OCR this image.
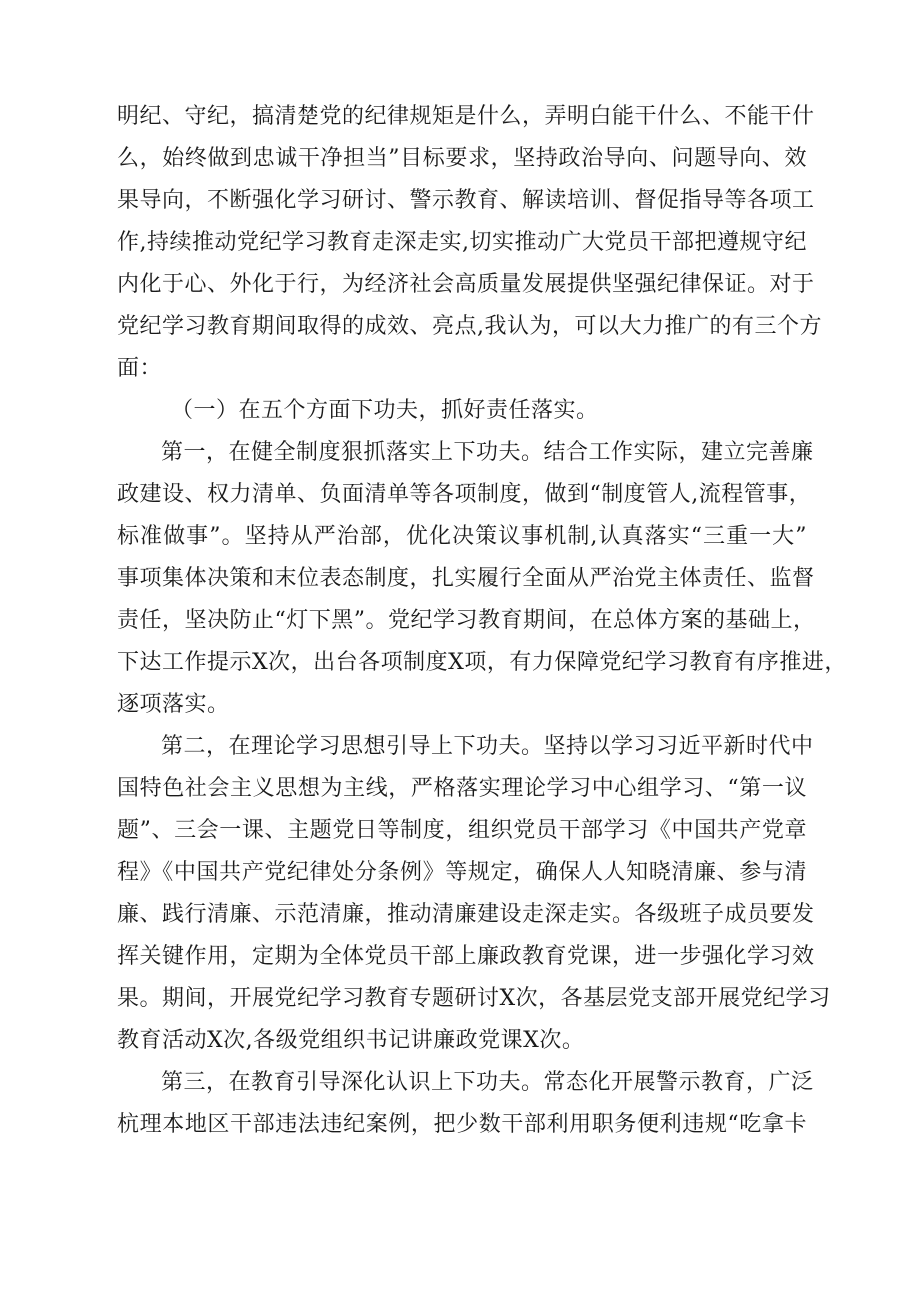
明纪、守纪，搞清楚党的纪律规矩是什么，弄明白能干什么、不能干什
么，始终做到忠诚干净担当”目标要求，坚持政治导向、问题导向、效
果导向，不断强化学习研讨、警示教育、解读培训、督促指导等各项工
作,持续推动党纪学习教育走深走实,切实推动广大党员干部把遵规守纪
内化于心、外化于行，为经济社会高质量发展提供坚强纪律保证。对于
党纪学习教育期间取得的成效、亮点,我认为，可以大力推广的有三个方
面：
（一）在五个方面下功夫，抓好责任落实。
第一，在健全制度狠抓落实上下功夫。结合工作实际，建立完善廉
政建设、权力清单、负面清单等各项制度，做到“制度管人,流程管事，
标准做事”。坚持从严治部，优化决策议事机制,认真落实“三重一大”
事项集体决策和末位表态制度，扎实履行全面从严治党主体责任、监督
责任，坚决防止“灯下黑”。党纪学习教育期间，在总体方案的基础上，
下达工作提示X次，出台各项制度X项，有力保障党纪学习教育有序推进，
逐项落实。
第二，在理论学习思想引导上下功夫。坚持以学习习近平新时代中
国特色社会主义思想为主线，严格落实理论学习中心组学习、“第一议
题”、三会一课、主题党日等制度，组织党员干部学习《中国共产党章
程》《中国共产党纪律处分条例》等规定，确保人人知晓清廉、参与清
廉、践行清廉、示范清廉，推动清廉建设走深走实。各级班子成员要发
挥关键作用，定期为全体党员干部上廉政教育党课，进一步强化学习效
果。期间，开展党纪学习教育专题研讨X次，各基层党支部开展党纪学习
教育活动X次,各级党组织书记讲廉政党课X次。
第三，在教育引导深化认识上下功夫。常态化开展警示教育，广泛
杭理本地区干部违法违纪案例，把少数干部利用职务便利违规“吃拿卡
